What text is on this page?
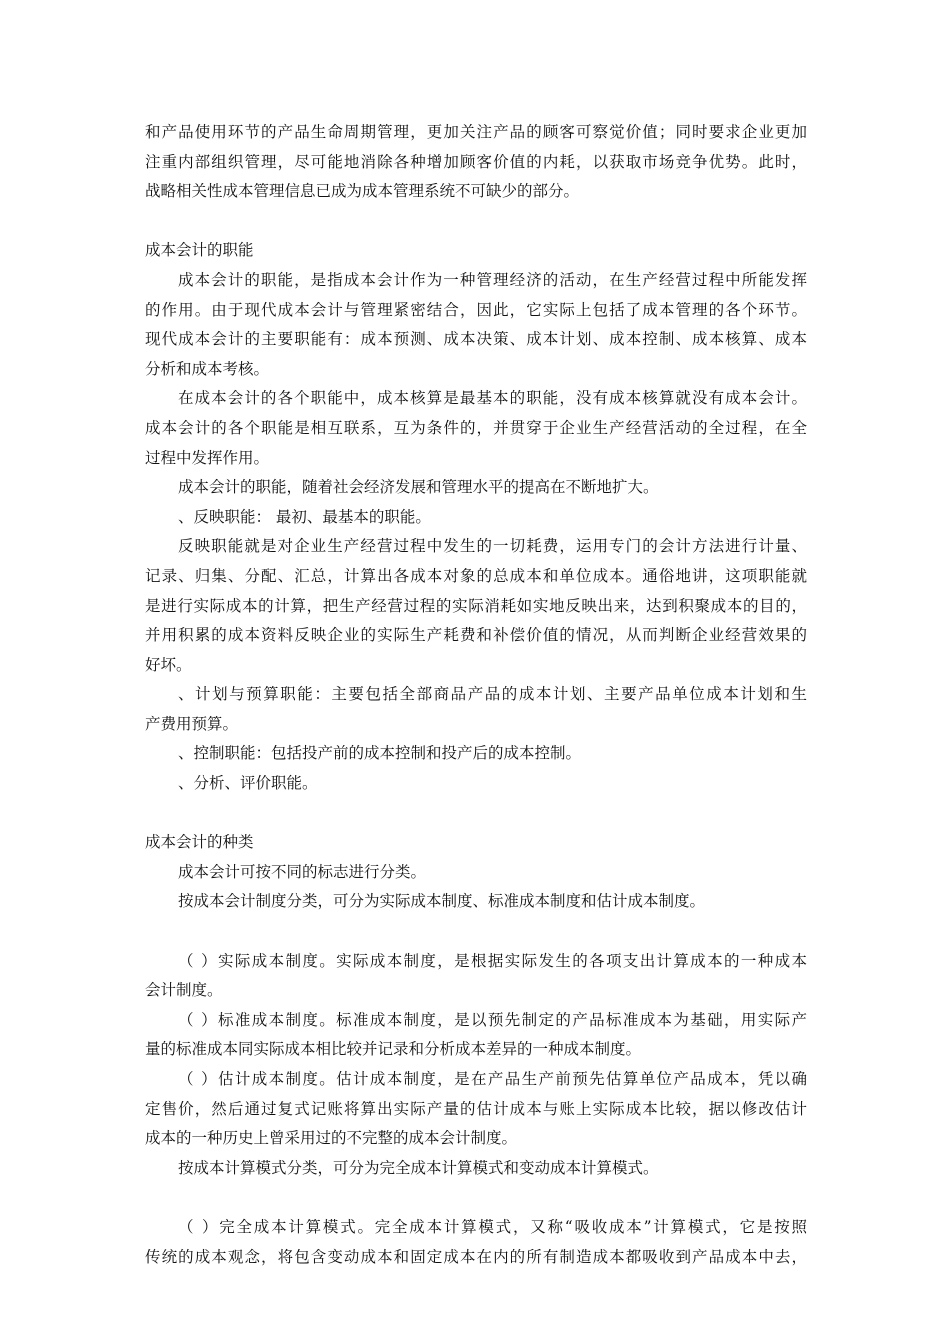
和产品使用环节的产品生命周期管理，更加关注产品的顾客可察觉价值；同时要求企业更加
注重内部组织管理，尽可能地消除各种增加顾客价值的内耗，以获取市场竞争优势。此时，
战略相关性成本管理信息已成为成本管理系统不可缺少的部分。
成本会计的职能
成本会计的职能，是指成本会计作为一种管理经济的活动，在生产经营过程中所能发挥
的作用。由于现代成本会计与管理紧密结合，因此，它实际上包括了成本管理的各个环节。
现代成本会计的主要职能有：成本预测、成本决策、成本计划、成本控制、成本核算、成本
分析和成本考核。
在成本会计的各个职能中，成本核算是最基本的职能，没有成本核算就没有成本会计。
成本会计的各个职能是相互联系，互为条件的，并贯穿于企业生产经营活动的全过程，在全
过程中发挥作用。
成本会计的职能，随着社会经济发展和管理水平的提高在不断地扩大。
、反映职能： 最初、最基本的职能。
反映职能就是对企业生产经营过程中发生的一切耗费，运用专门的会计方法进行计量、
记录、归集、分配、汇总，计算出各成本对象的总成本和单位成本。通俗地讲，这项职能就
是进行实际成本的计算，把生产经营过程的实际消耗如实地反映出来，达到积聚成本的目的，
并用积累的成本资料反映企业的实际生产耗费和补偿价值的情况，从而判断企业经营效果的
好坏。
、计划与预算职能：主要包括全部商品产品的成本计划、主要产品单位成本计划和生
产费用预算。
、控制职能：包括投产前的成本控制和投产后的成本控制。
、分析、评价职能。
成本会计的种类
成本会计可按不同的标志进行分类。
按成本会计制度分类，可分为实际成本制度、标准成本制度和估计成本制度。
（ ）实际成本制度。实际成本制度，是根据实际发生的各项支出计算成本的一种成本
会计制度。
（ ）标准成本制度。标准成本制度，是以预先制定的产品标准成本为基础，用实际产
量的标准成本同实际成本相比较并记录和分析成本差异的一种成本制度。
（ ）估计成本制度。估计成本制度，是在产品生产前预先估算单位产品成本，凭以确
定售价，然后通过复式记账将算出实际产量的估计成本与账上实际成本比较，据以修改估计
成本的一种历史上曾采用过的不完整的成本会计制度。
按成本计算模式分类，可分为完全成本计算模式和变动成本计算模式。
（ ）完全成本计算模式。完全成本计算模式，又称“吸收成本”计算模式，它是按照
传统的成本观念，将包含变动成本和固定成本在内的所有制造成本都吸收到产品成本中去，
